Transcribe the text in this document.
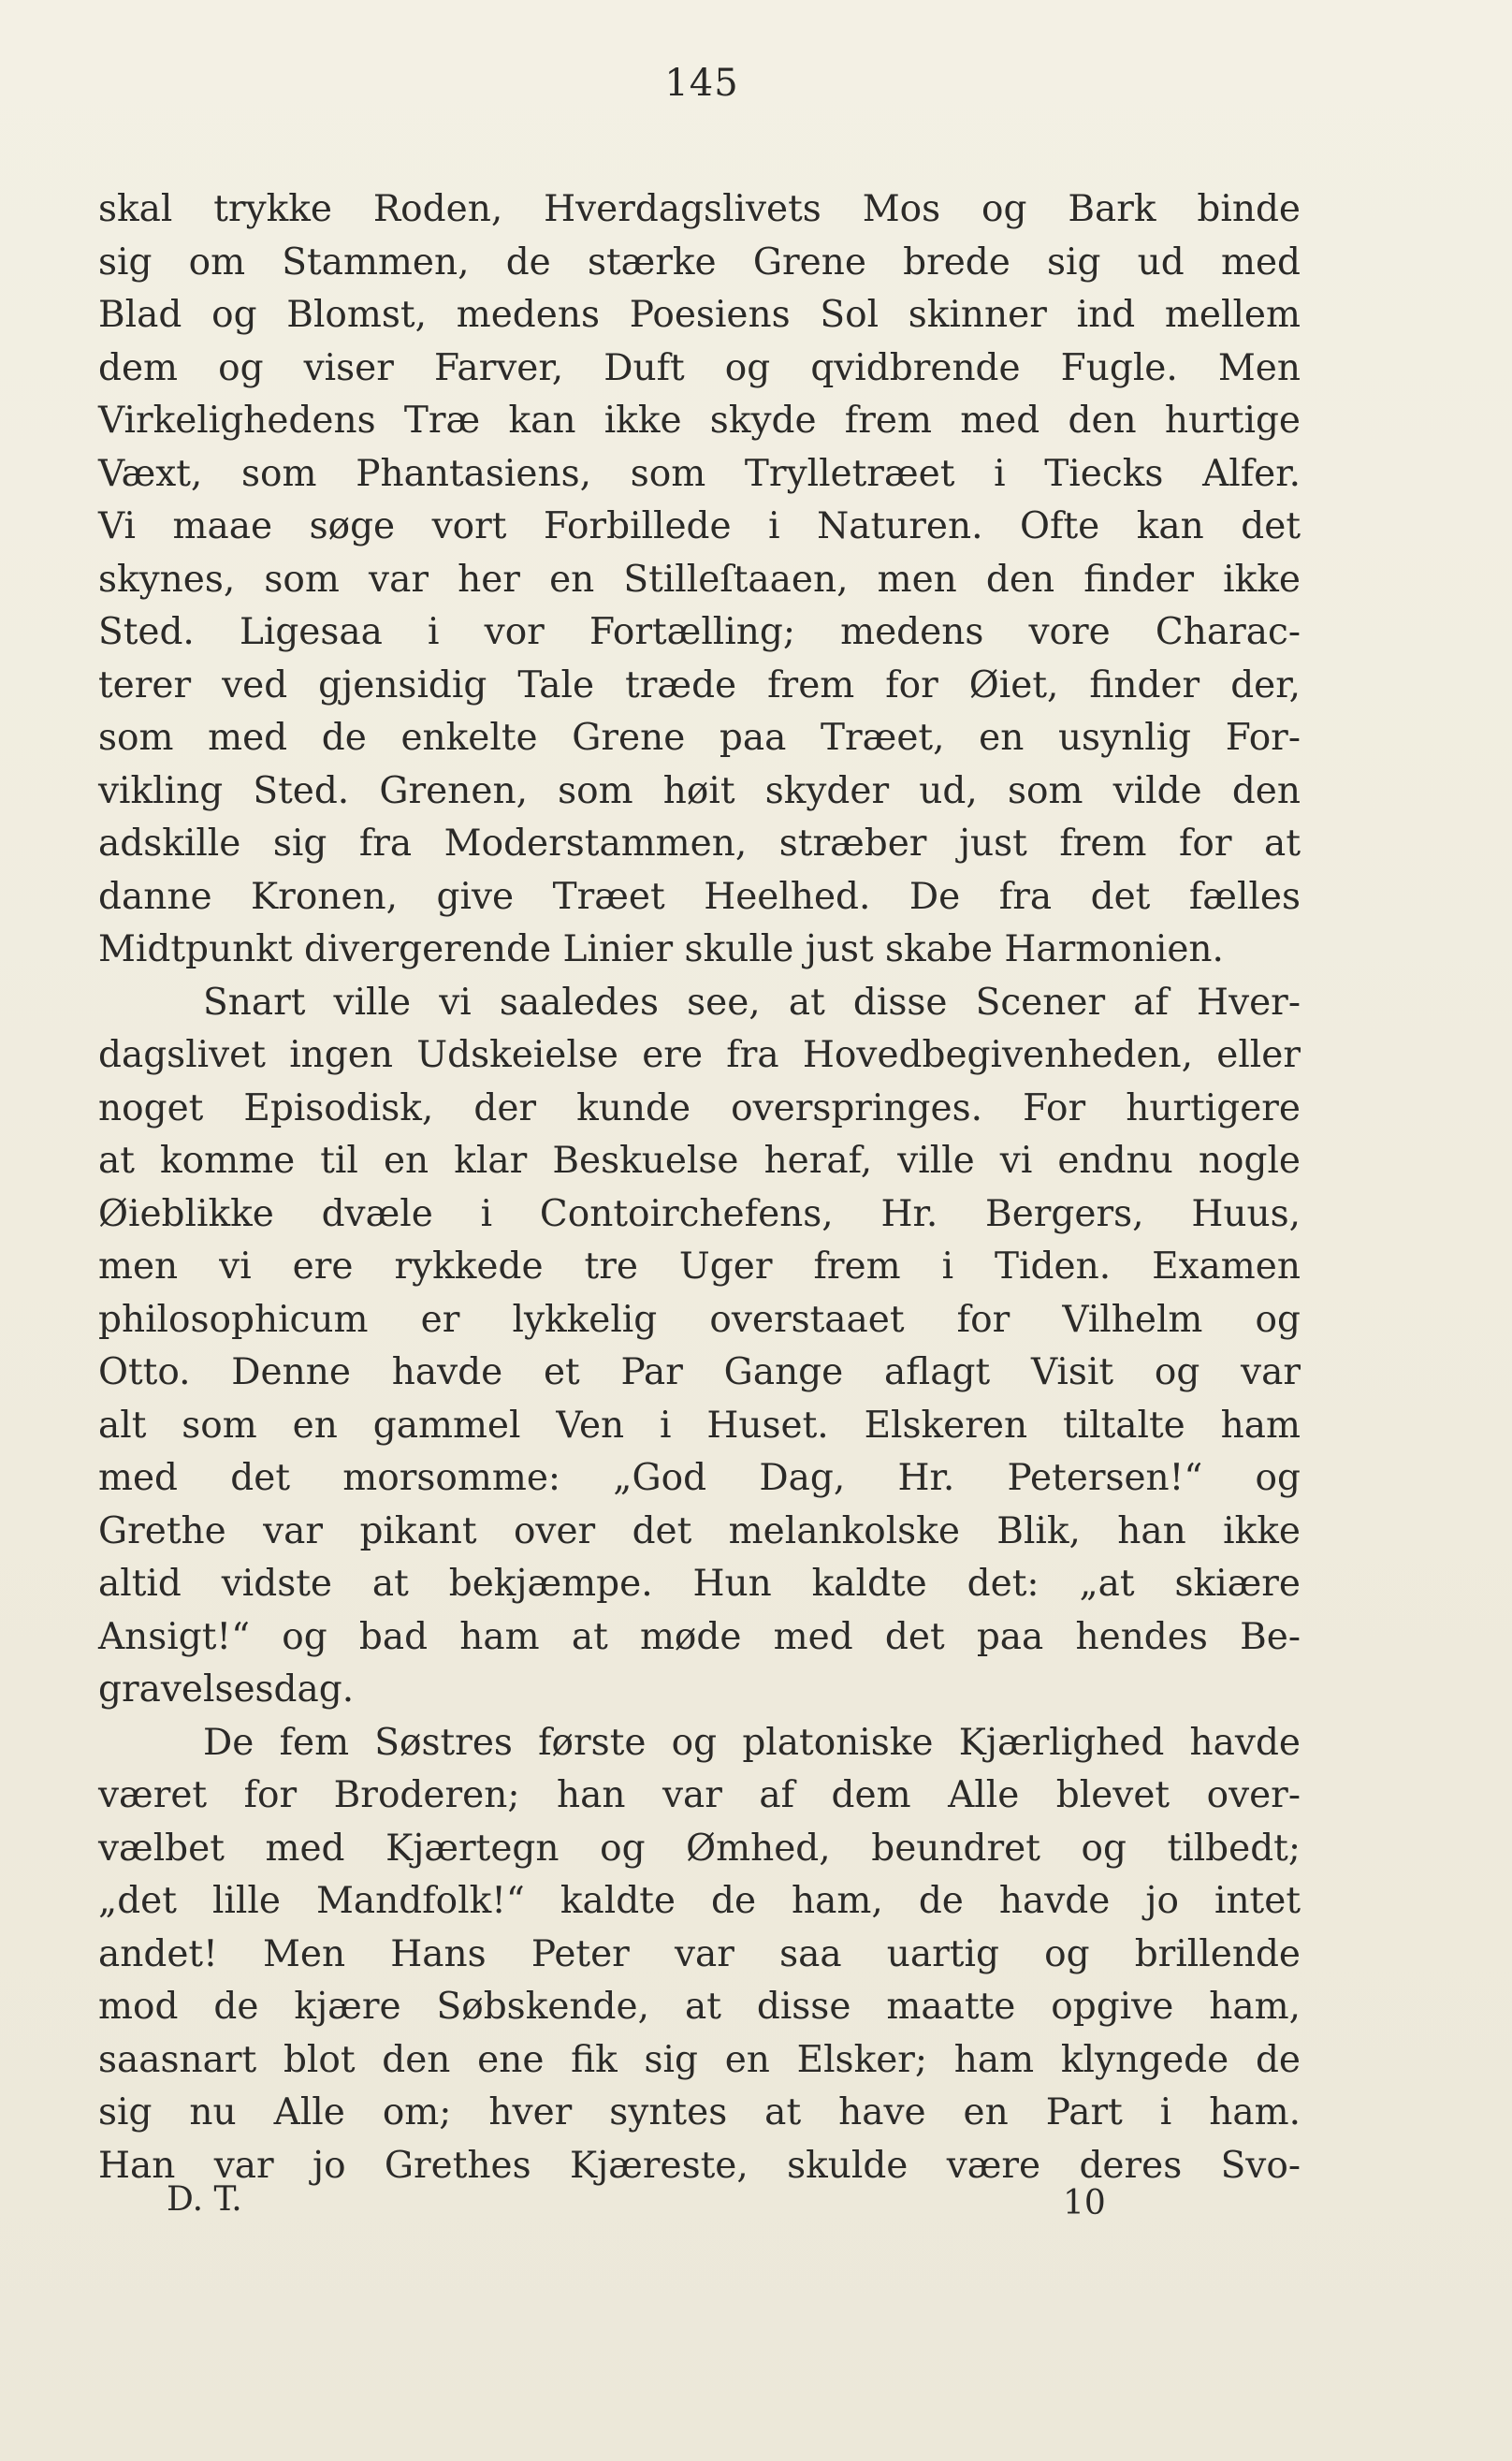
145
skal trykke Roden, Hverdagslivets Mos og Bark binde
sig om Stammen, de stærke Grene brede sig ud med
Blad og Blomst, medens Poesiens Sol skinner ind mellem
dem og viser Farver, Duft og qvidbrende Fugle. Men
Virkelighedens Træ kan ikke skyde frem med den hurtige
Væxt, som Phantasiens, som Trylletræet i Tiecks Alfer.
Vi maae søge vort Forbillede i Naturen. Ofte kan det
skynes, som var her en Stilleſtaaen, men den finder ikke
Sted. Ligesaa i vor Fortælling; medens vore Charac-
terer ved gjensidig Tale træde frem for Øiet, finder der,
som med de enkelte Grene paa Træet, en usynlig For-
vikling Sted. Grenen, som høit skyder ud, som vilde den
adskille sig fra Moderstammen, stræber just frem for at
danne Kronen, give Træet Heelhed. De fra det fælles
Midtpunkt divergerende Linier skulle just skabe Harmonien.
Snart ville vi saaledes see, at disse Scener af Hver-
dagslivet ingen Udskeielse ere fra Hovedbegivenheden, eller
noget Episodisk, der kunde overspringes. For hurtigere
at komme til en klar Beskuelse heraf, ville vi endnu nogle
Øieblikke dvæle i Contoirchefens, Hr. Bergers, Huus,
men vi ere rykkede tre Uger frem i Tiden. Examen
philosophicum er lykkelig overstaaet for Vilhelm og
Otto. Denne havde et Par Gange aflagt Visit og var
alt som en gammel Ven i Huset. Elskeren tiltalte ham
med det morsomme: „God Dag, Hr. Petersen!“ og
Grethe var pikant over det melankolske Blik, han ikke
altid vidste at bekjæmpe. Hun kaldte det: „at skiære
Ansigt!“ og bad ham at møde med det paa hendes Be-
gravelsesdag.
De fem Søstres første og platoniske Kjærlighed havde
været for Broderen; han var af dem Alle blevet over-
vælbet med Kjærtegn og Ømhed, beundret og tilbedt;
„det lille Mandfolk!“ kaldte de ham, de havde jo intet
andet! Men Hans Peter var saa uartig og brillende
mod de kjære Søbskende, at disse maatte opgive ham,
saasnart blot den ene fik sig en Elsker; ham klyngede de
sig nu Alle om; hver syntes at have en Part i ham.
Han var jo Grethes Kjæreste, skulde være deres Svo-
D. T.	10
